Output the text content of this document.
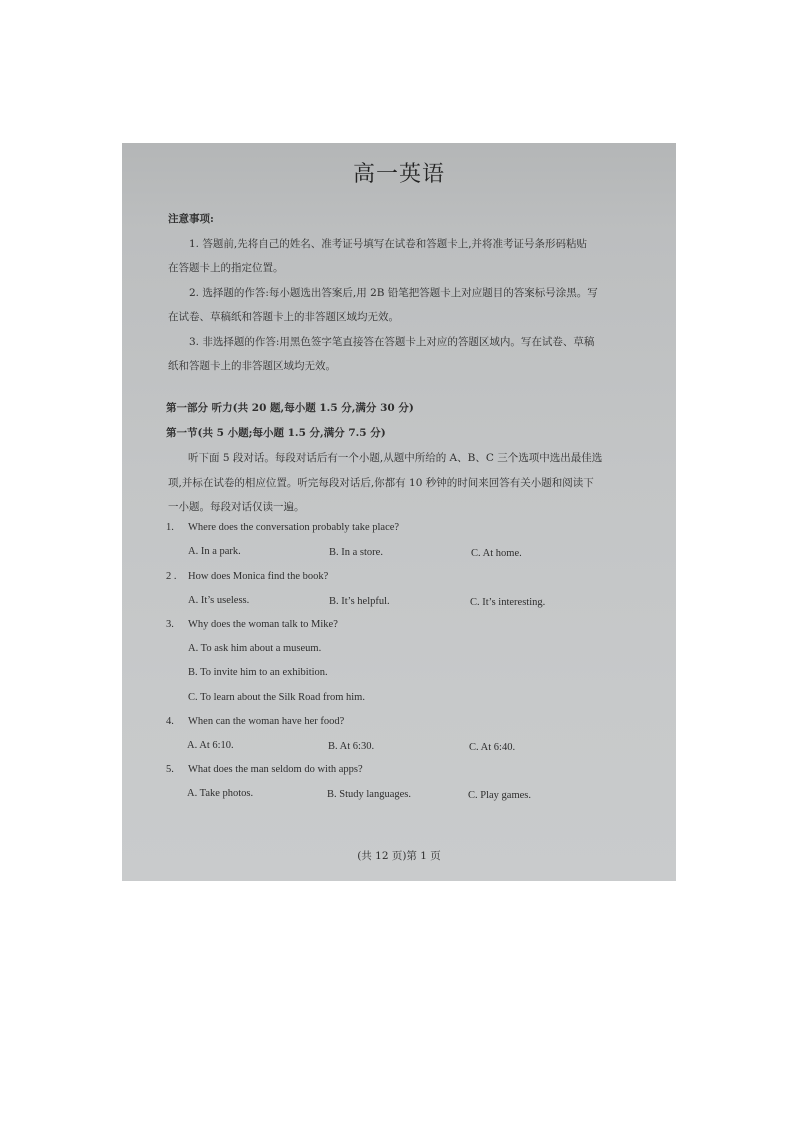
高一英语
注意事项:
1. 答题前,先将自己的姓名、准考证号填写在试卷和答题卡上,并将准考证号条形码粘贴
在答题卡上的指定位置。
2. 选择题的作答:每小题选出答案后,用 2B 铅笔把答题卡上对应题目的答案标号涂黑。写
在试卷、草稿纸和答题卡上的非答题区域均无效。
3. 非选择题的作答:用黑色签字笔直接答在答题卡上对应的答题区域内。写在试卷、草稿
纸和答题卡上的非答题区域均无效。
第一部分 听力(共 20 题,每小题 1.5 分,满分 30 分)
第一节(共 5 小题;每小题 1.5 分,满分 7.5 分)
听下面 5 段对话。每段对话后有一个小题,从题中所给的 A、B、C 三个选项中选出最佳选
项,并标在试卷的相应位置。听完每段对话后,你都有 10 秒钟的时间来回答有关小题和阅读下
一小题。每段对话仅读一遍。
1. Where does the conversation probably take place?
A. In a park.	B. In a store.	C. At home.
2 . How does Monica find the book?
A. It’s useless.	B. It’s helpful.	C. It’s interesting.
3. Why does the woman talk to Mike?
A. To ask him about a museum.
B. To invite him to an exhibition.
C. To learn about the Silk Road from him.
4. When can the woman have her food?
A. At 6:10.	B. At 6:30.	C. At 6:40.
5. What does the man seldom do with apps?
A. Take photos.	B. Study languages.	C. Play games.
(共 12 页)第 1 页
